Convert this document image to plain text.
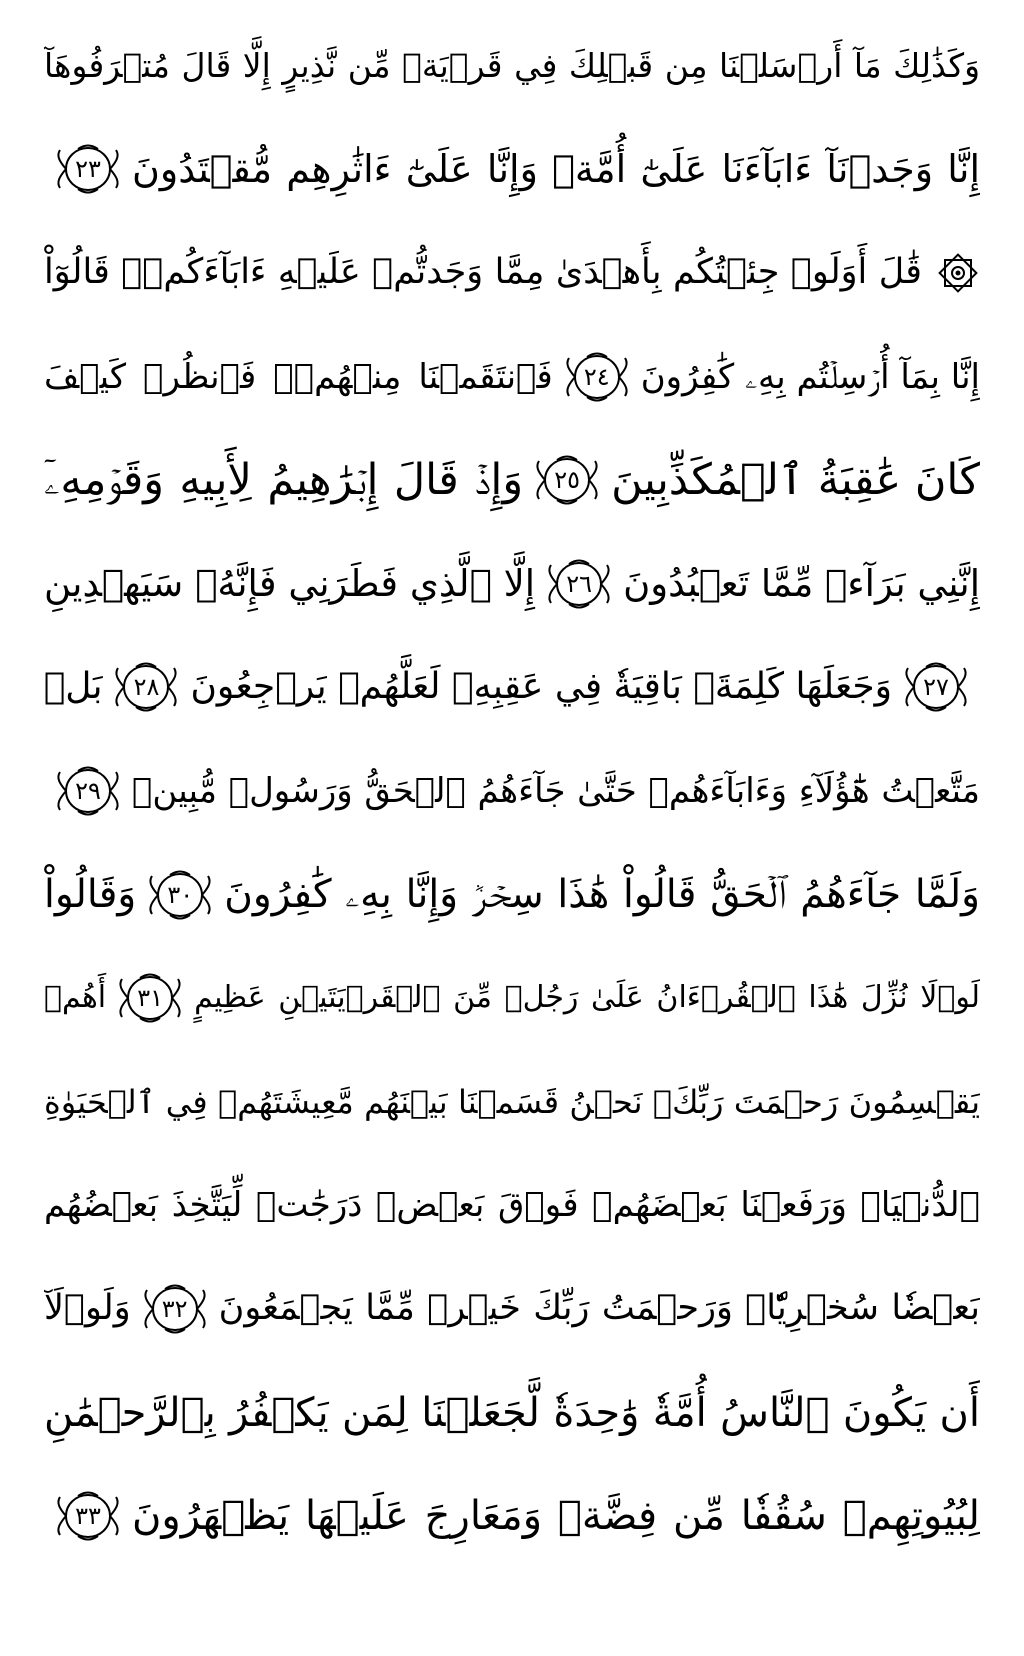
وَكَذَٰلِكَ مَآ أَرۡسَلۡنَا مِن قَبۡلِكَ فِي قَرۡيَةٖ مِّن نَّذِيرٍ إِلَّا قَالَ مُتۡرَفُوهَآ
إِنَّا وَجَدۡنَآ ءَابَآءَنَا عَلَىٰٓ أُمَّةٖ وَإِنَّا عَلَىٰٓ ءَاثَٰرِهِم مُّقۡتَدُونَ
٢٣
قَٰلَ أَوَلَوۡ جِئۡتُكُم بِأَهۡدَىٰ مِمَّا وَجَدتُّمۡ عَلَيۡهِ ءَابَآءَكُمۡۖ قَالُوٓاْ
إِنَّا بِمَآ أُرۡسِلۡتُم بِهِۦ كَٰفِرُونَ
٢٤
فَٱنتَقَمۡنَا مِنۡهُمۡۖ فَٱنظُرۡ كَيۡفَ
كَانَ عَٰقِبَةُ ٱلۡمُكَذِّبِينَ
٢٥
وَإِذۡ قَالَ إِبۡرَٰهِيمُ لِأَبِيهِ وَقَوۡمِهِۦٓ
إِنَّنِي بَرَآءٞ مِّمَّا تَعۡبُدُونَ
٢٦
إِلَّا ٱلَّذِي فَطَرَنِي فَإِنَّهُۥ سَيَهۡدِينِ
٢٧
وَجَعَلَهَا كَلِمَةَۢ بَاقِيَةٗ فِي عَقِبِهِۦ لَعَلَّهُمۡ يَرۡجِعُونَ
٢٨
بَلۡ
مَتَّعۡتُ هَٰٓؤُلَآءِ وَءَابَآءَهُمۡ حَتَّىٰ جَآءَهُمُ ٱلۡحَقُّ وَرَسُولٞ مُّبِينٞ
٢٩
وَلَمَّا جَآءَهُمُ ٱلۡحَقُّ قَالُواْ هَٰذَا سِحۡرٞ وَإِنَّا بِهِۦ كَٰفِرُونَ
٣٠
وَقَالُواْ
لَوۡلَا نُزِّلَ هَٰذَا ٱلۡقُرۡءَانُ عَلَىٰ رَجُلٖ مِّنَ ٱلۡقَرۡيَتَيۡنِ عَظِيمٍ
٣١
أَهُمۡ
يَقۡسِمُونَ رَحۡمَتَ رَبِّكَۚ نَحۡنُ قَسَمۡنَا بَيۡنَهُم مَّعِيشَتَهُمۡ فِي ٱلۡحَيَوٰةِ
ٱلدُّنۡيَاۚ وَرَفَعۡنَا بَعۡضَهُمۡ فَوۡقَ بَعۡضٖ دَرَجَٰتٖ لِّيَتَّخِذَ بَعۡضُهُم
بَعۡضٗا سُخۡرِيّٗاۗ وَرَحۡمَتُ رَبِّكَ خَيۡرٞ مِّمَّا يَجۡمَعُونَ
٣٢
وَلَوۡلَآ
أَن يَكُونَ ٱلنَّاسُ أُمَّةٗ وَٰحِدَةٗ لَّجَعَلۡنَا لِمَن يَكۡفُرُ بِٱلرَّحۡمَٰنِ
لِبُيُوتِهِمۡ سُقُفٗا مِّن فِضَّةٖ وَمَعَارِجَ عَلَيۡهَا يَظۡهَرُونَ
٣٣
